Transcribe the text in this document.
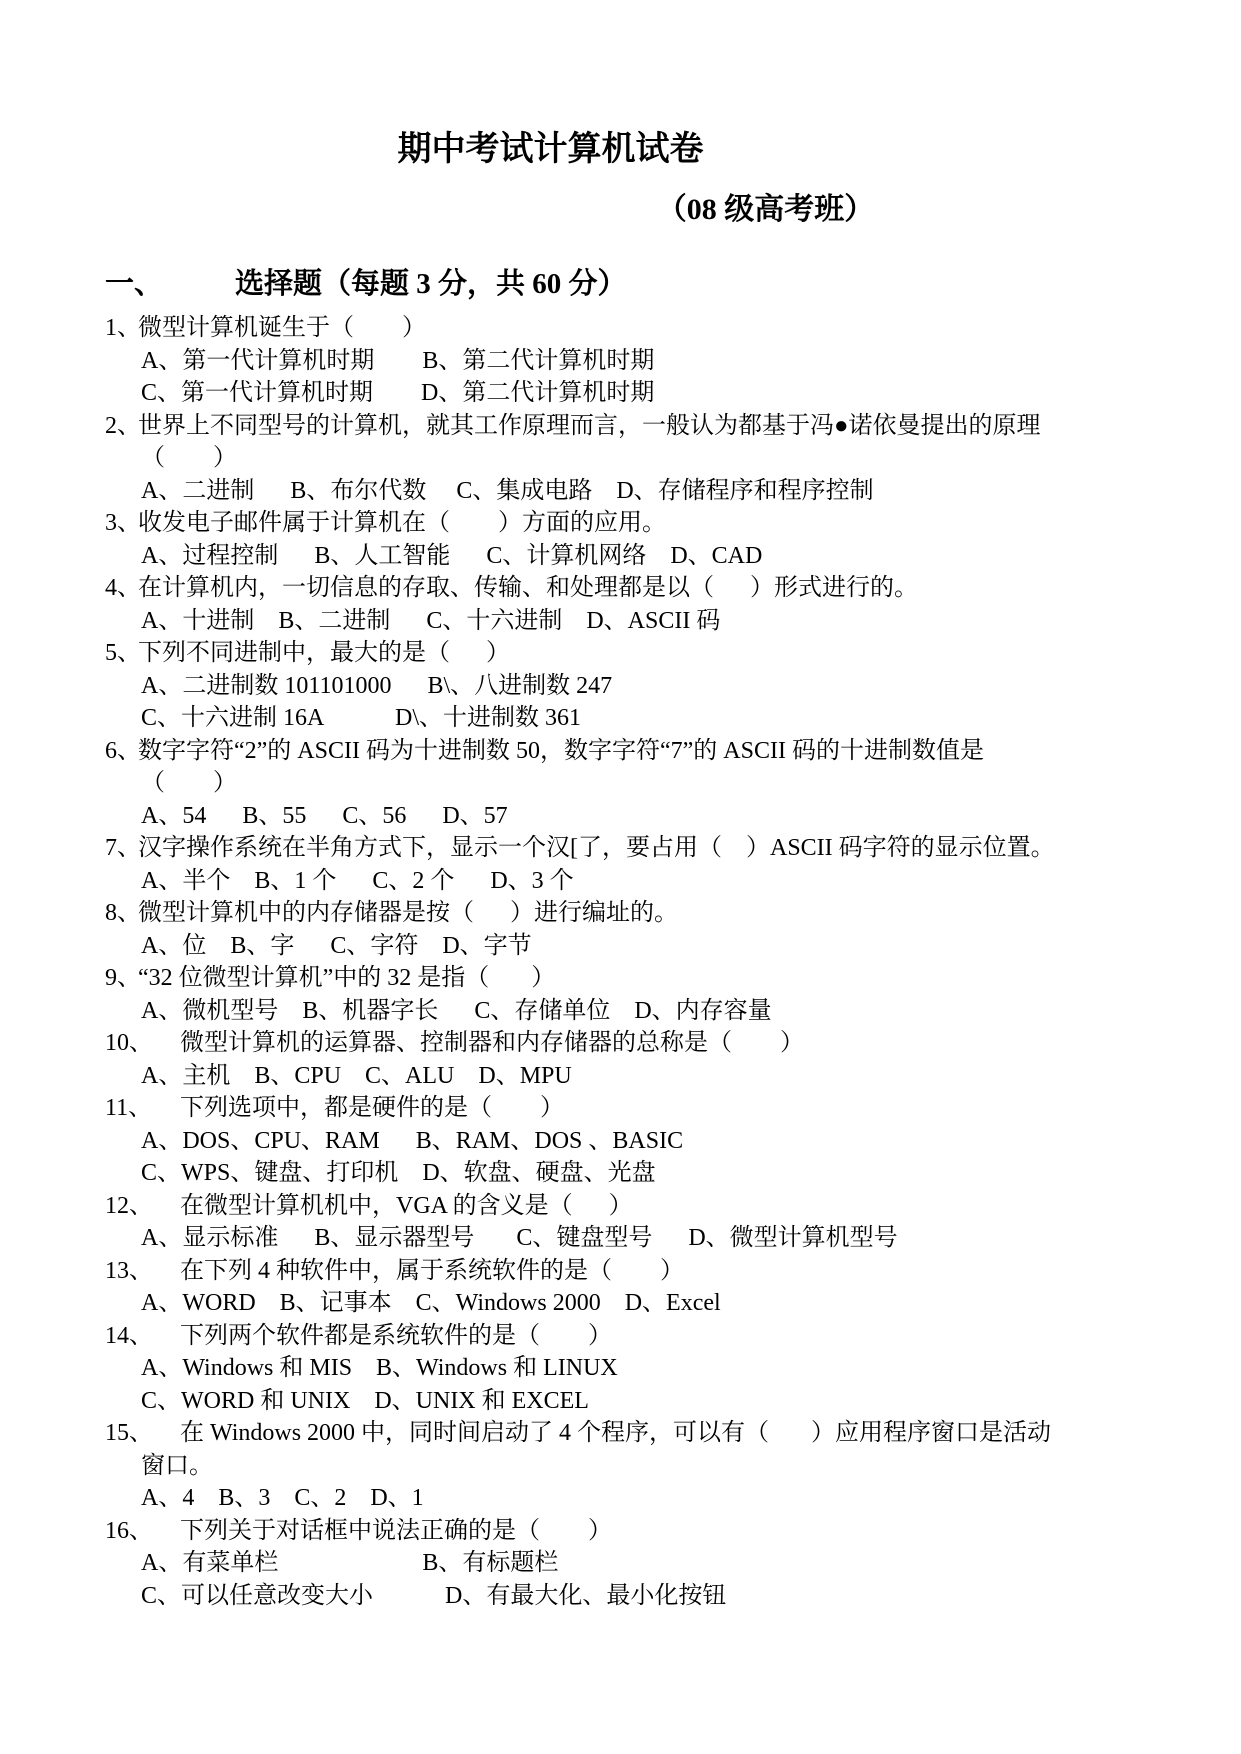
期中考试计算机试卷
（08 级高考班）
一、	选择题（每题 3 分，共 60 分）
1、
微型计算机诞生于（        ）
A、第一代计算机时期        B、第二代计算机时期
C、第一代计算机时期        D、第二代计算机时期
2、
世界上不同型号的计算机，就其工作原理而言，一般认为都基于冯●诺依曼提出的原理
（        ）
A、二进制      B、布尔代数     C、集成电路    D、存储程序和程序控制
3、
收发电子邮件属于计算机在（        ）方面的应用。
A、过程控制      B、人工智能      C、计算机网络    D、CAD
4、
在计算机内，一切信息的存取、传输、和处理都是以（      ）形式进行的。
A、十进制    B、二进制      C、十六进制    D、ASCII 码
5、
下列不同进制中，最大的是（      ）
A、二进制数 101101000      B\、八进制数 247
C、十六进制 16A            D\、十进制数 361
6、
数字字符“2”的 ASCII 码为十进制数 50，数字字符“7”的 ASCII 码的十进制数值是
（        ）
A、54      B、55      C、56      D、57
7、
汉字操作系统在半角方式下，显示一个汉[了，要占用（    ）ASCII 码字符的显示位置。
A、半个    B、1 个      C、2 个      D、3 个
8、
微型计算机中的内存储器是按（      ）进行编址的。
A、位    B、字      C、字符    D、字节
9、
“32 位微型计算机”中的 32 是指（       ）
A、微机型号    B、机器字长      C、存储单位    D、内存容量
10、	微型计算机的运算器、控制器和内存储器的总称是（        ）
A、主机    B、CPU    C、ALU    D、MPU
11、	下列选项中，都是硬件的是（        ）
A、DOS、CPU、RAM      B、RAM、DOS 、BASIC
C、WPS、键盘、打印机    D、软盘、硬盘、光盘
12、	在微型计算机机中，VGA 的含义是（      ）
A、显示标准      B、显示器型号       C、键盘型号      D、微型计算机型号
13、	在下列 4 种软件中，属于系统软件的是（        ）
A、WORD    B、记事本    C、Windows 2000    D、Excel
14、	下列两个软件都是系统软件的是（        ）
A、Windows 和 MIS    B、Windows 和 LINUX
C、WORD 和 UNIX    D、UNIX 和 EXCEL
15、	在 Windows 2000 中，同时间启动了 4 个程序，可以有（       ）应用程序窗口是活动
窗口。
A、4    B、3    C、2    D、1
16、	下列关于对话框中说法正确的是（        ）
A、有菜单栏                        B、有标题栏
C、可以任意改变大小            D、有最大化、最小化按钮
